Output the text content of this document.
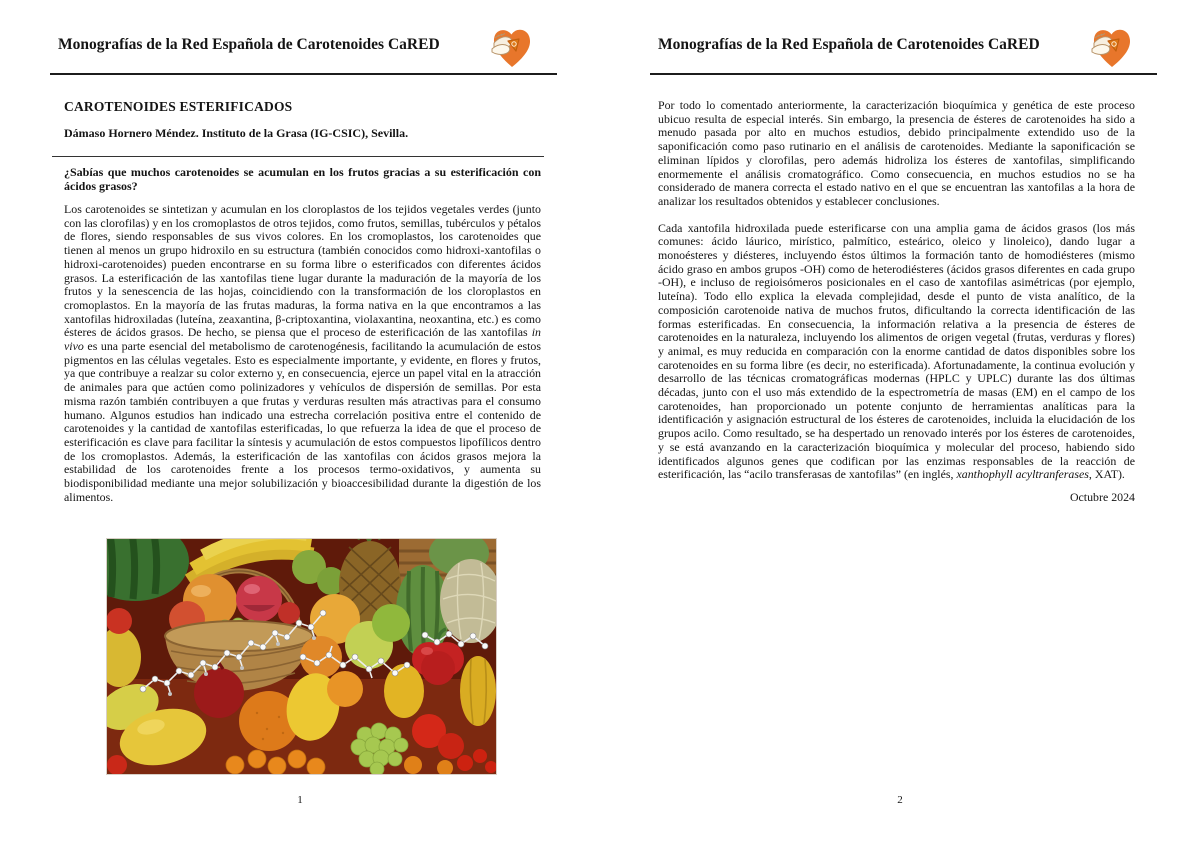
Monografías de la Red Española de Carotenoides CaRED
CAROTENOIDES ESTERIFICADOS
Dámaso Hornero Méndez. Instituto de la Grasa (IG-CSIC), Sevilla.
¿Sabías que muchos carotenoides se acumulan en los frutos gracias a su esterificación con ácidos grasos?
Los carotenoides se sintetizan y acumulan en los cloroplastos de los tejidos vegetales verdes (junto con las clorofilas) y en los cromoplastos de otros tejidos, como frutos, semillas, tubérculos y pétalos de flores, siendo responsables de sus vivos colores. En los cromoplastos, los carotenoides que tienen al menos un grupo hidroxilo en su estructura (también conocidos como hidroxi-xantofilas o hidroxi-carotenoides) pueden encontrarse en su forma libre o esterificados con diferentes ácidos grasos. La esterificación de las xantofilas tiene lugar durante la maduración de la mayoría de los frutos y la senescencia de las hojas, coincidiendo con la transformación de los cloroplastos en cromoplastos. En la mayoría de las frutas maduras, la forma nativa en la que encontramos a las xantofilas hidroxiladas (luteína, zeaxantina, β-criptoxantina, violaxantina, neoxantina, etc.) es como ésteres de ácidos grasos. De hecho, se piensa que el proceso de esterificación de las xantofilas in vivo es una parte esencial del metabolismo de carotenogénesis, facilitando la acumulación de estos pigmentos en las células vegetales. Esto es especialmente importante, y evidente, en flores y frutos, ya que contribuye a realzar su color externo y, en consecuencia, ejerce un papel vital en la atracción de animales para que actúen como polinizadores y vehículos de dispersión de semillas. Por esta misma razón también contribuyen a que frutas y verduras resulten más atractivas para el consumo humano. Algunos estudios han indicado una estrecha correlación positiva entre el contenido de carotenoides y la cantidad de xantofilas esterificadas, lo que refuerza la idea de que el proceso de esterificación es clave para facilitar la síntesis y acumulación de estos compuestos lipofílicos dentro de los cromoplastos. Además, la esterificación de las xantofilas con ácidos grasos mejora la estabilidad de los carotenoides frente a los procesos termo-oxidativos, y aumenta su biodisponibilidad mediante una mejor solubilización y bioaccesibilidad durante la digestión de los alimentos.
1
Monografías de la Red Española de Carotenoides CaRED

Por todo lo comentado anteriormente, la caracterización bioquímica y genética de este proceso ubicuo resulta de especial interés. Sin embargo, la presencia de ésteres de carotenoides ha sido a menudo pasada por alto en muchos estudios, debido principalmente extendido uso de la saponificación como paso rutinario en el análisis de carotenoides. Mediante la saponificación se eliminan lípidos y clorofilas, pero además hidroliza los ésteres de xantofilas, simplificando enormemente el análisis cromatográfico. Como consecuencia, en muchos estudios no se ha considerado de manera correcta el estado nativo en el que se encuentran las xantofilas a la hora de analizar los resultados obtenidos y establecer conclusiones.

Cada xantofila hidroxilada puede esterificarse con una amplia gama de ácidos grasos (los más comunes: ácido láurico, mirístico, palmítico, esteárico, oleico y linoleico), dando lugar a monoésteres y diésteres, incluyendo éstos últimos la formación tanto de homodiésteres (mismo ácido graso en ambos grupos -OH) como de heterodiésteres (ácidos grasos diferentes en cada grupo -OH), e incluso de regioisómeros posicionales en el caso de xantofilas asimétricas (por ejemplo, luteína). Todo ello explica la elevada complejidad, desde el punto de vista analítico, de la composición carotenoide nativa de muchos frutos, dificultando la correcta identificación de las formas esterificadas. En consecuencia, la información relativa a la presencia de ésteres de carotenoides en la naturaleza, incluyendo los alimentos de origen vegetal (frutas, verduras y flores) y animal, es muy reducida en comparación con la enorme cantidad de datos disponibles sobre los carotenoides en su forma libre (es decir, no esterificada). Afortunadamente, la continua evolución y desarrollo de las técnicas cromatográficas modernas (HPLC y UPLC) durante las dos últimas décadas, junto con el uso más extendido de la espectrometría de masas (EM) en el campo de los carotenoides, han proporcionado un potente conjunto de herramientas analíticas para la identificación y asignación estructural de los ésteres de carotenoides, incluida la elucidación de los grupos acilo. Como resultado, se ha despertado un renovado interés por los ésteres de carotenoides, y se está avanzando en la caracterización bioquímica y molecular del proceso, habiendo sido identificados algunos genes que codifican por las enzimas responsables de la reacción de esterificación, las “acilo transferasas de xantofilas” (en inglés, xanthophyll acyltranferases, XAT).

Octubre 2024
2
